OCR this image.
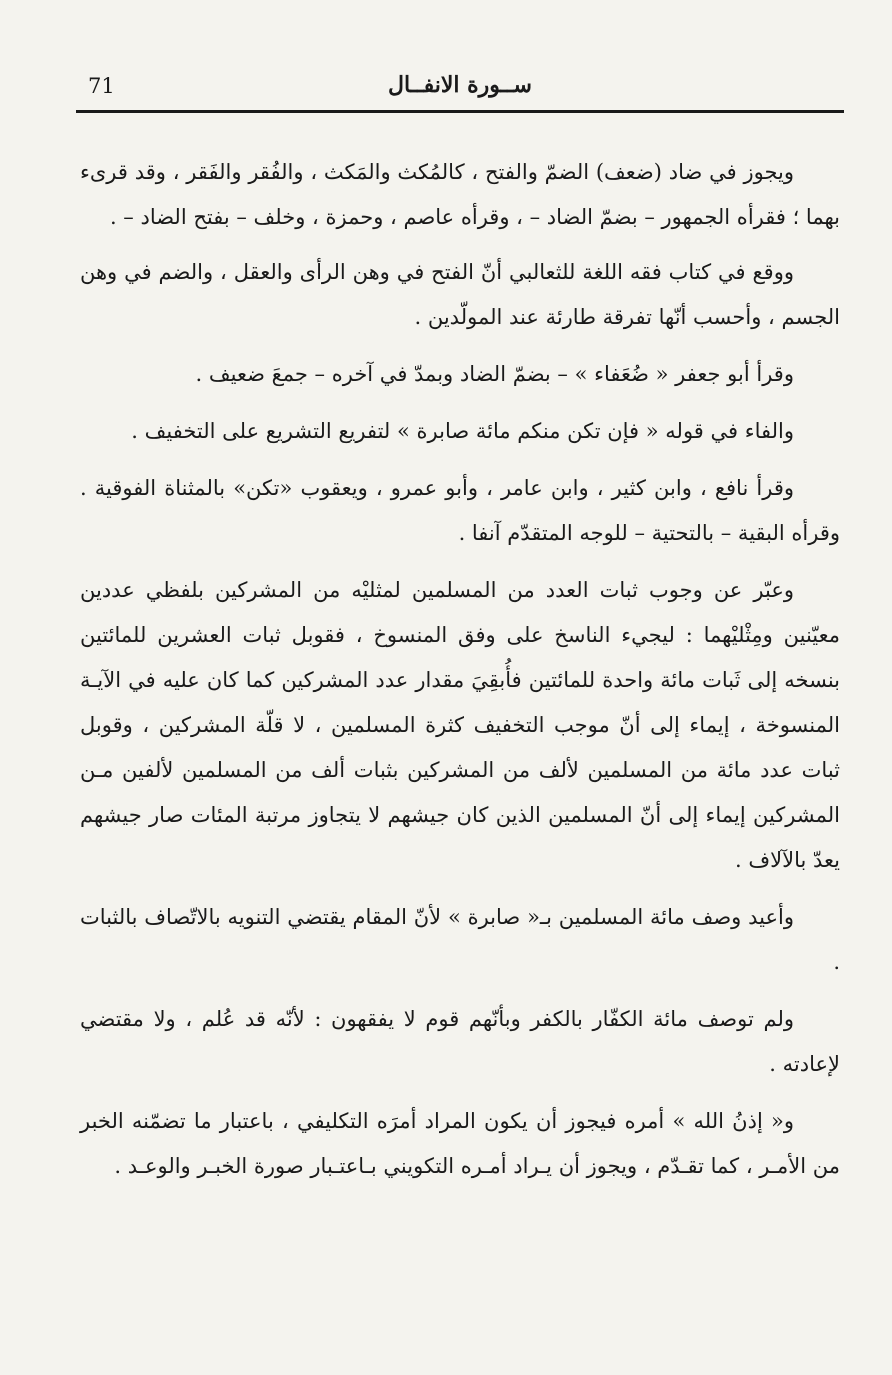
71	ســورة الانفــال

ويجوز في ضاد (ضعف) الضمّ والفتح ، كالمُكث والمَكث ، والفُقر والفَقر ، وقد قرىء بهما ؛ فقرأه الجمهور – بضمّ الضاد – ، وقرأه عاصم ، وحمزة ، وخلف – بفتح الضاد – .

ووقع في كتاب فقه اللغة للثعالبي أنّ الفتح في وهن الرأى والعقل ، والضم في وهن الجسم ، وأحسب أنّها تفرقة طارئة عند المولّدين .

وقرأ أبو جعفر « ضُعَفاء » – بضمّ الضاد وبمدّ في آخره – جمعَ ضعيف .

والفاء في قوله « فإن تكن منكم مائة صابرة » لتفريع التشريع على التخفيف .

وقرأ نافع ، وابن كثير ، وابن عامر ، وأبو عمرو ، ويعقوب «تكن» بالمثناة الفوقية . وقرأه البقية – بالتحتية – للوجه المتقدّم آنفا .

وعبّر عن وجوب ثبات العدد من المسلمين لمثليْه من المشركين بلفظي عددين معيّنين ومِثْليْهما : ليجيء الناسخ على وفق المنسوخ ، فقوبل ثبات العشرين للمائتين بنسخه إلى ثَبات مائة واحدة للمائتين فأُبقِيَ مقدار عدد المشركين كما كان عليه في الآيـة المنسوخة ، إيماء إلى أنّ موجب التخفيف كثرة المسلمين ، لا قلّة المشركين ، وقوبل ثبات عدد مائة من المسلمين لألف من المشركين بثبات ألف من المسلمين لألفين مـن المشركين إيماء إلى أنّ المسلمين الذين كان جيشهم لا يتجاوز مرتبة المئات صار جيشهم يعدّ بالآلاف .

وأعيد وصف مائة المسلمين بـ« صابرة » لأنّ المقام يقتضي التنويه بالاتّصاف بالثبات .

ولم توصف مائة الكفّار بالكفر وبأنّهم قوم لا يفقهون : لأنّه قد عُلم ، ولا مقتضي لإعادته .

و« إذنُ الله » أمره فيجوز أن يكون المراد أمرَه التكليفي ، باعتبار ما تضمّنه الخبر من الأمـر ، كما تقـدّم ، ويجوز أن يـراد أمـره التكويني بـاعتـبار صورة الخبـر والوعـد .
